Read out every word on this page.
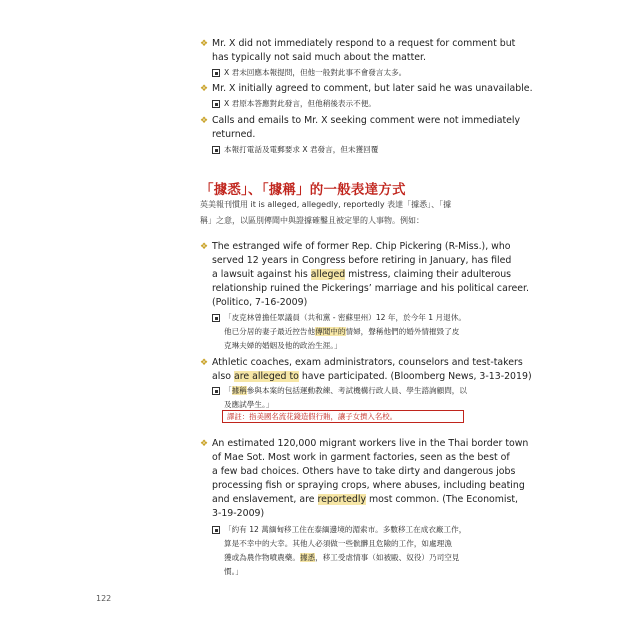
❖ Mr. X did not immediately respond to a request for comment but
has typically not said much about the matter.
X 君未回應本報提問，但他一般對此事不會發言太多。
❖ Mr. X initially agreed to comment, but later said he was unavailable.
X 君原本答應對此發言，但他稍後表示不便。
❖ Calls and emails to Mr. X seeking comment were not immediately
returned.
本報打電話及電郵要求 X 君發言，但未獲回覆
「據悉」、「據稱」的一般表達方式
英美報刊慣用 it is alleged, allegedly, reportedly 表達「據悉」、「據
稱」之意，以區別傳聞中與證據確鑿且被定罪的人事物。例如：
❖ The estranged wife of former Rep. Chip Pickering (R-Miss.), who
served 12 years in Congress before retiring in January, has filed
a lawsuit against his alleged mistress, claiming their adulterous
relationship ruined the Pickerings’ marriage and his political career.
(Politico, 7-16-2009)
「皮克林曾擔任眾議員（共和黨 - 密蘇里州）12 年，於今年 1 月退休。
他已分居的妻子最近控告他傳聞中的情婦，聲稱他們的婚外情摧毀了皮
克琳夫婦的婚姻及他的政治生涯。」
❖ Athletic coaches, exam administrators, counselors and test-takers
also are alleged to have participated. (Bloomberg News, 3-13-2019)
「據稱參與本案的包括運動教練、考試機構行政人員、學生諮詢顧問，以
及應試學生。」
譯註：指美國名流花錢造假行賄，讓子女擠入名校。
❖ An estimated 120,000 migrant workers live in the Thai border town
of Mae Sot. Most work in garment factories, seen as the best of
a few bad choices. Others have to take dirty and dangerous jobs
processing fish or spraying crops, where abuses, including beating
and enslavement, are reportedly most common. (The Economist,
3-19-2009)
「約有 12 萬緬甸移工住在泰緬邊境的湄索市。多數移工在成衣廠工作，
算是不幸中的大幸。其他人必須做一些骯髒且危險的工作，如處理漁
獲或為農作物噴農藥。據悉，移工受虐情事（如被毆、奴役）乃司空見
慣。」
122
